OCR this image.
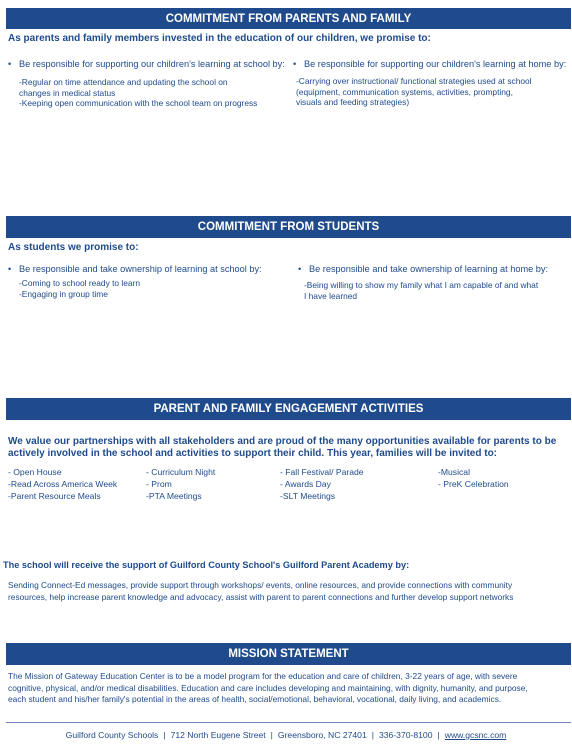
COMMITMENT FROM PARENTS AND FAMILY
As parents and family members invested in the education of our children, we promise to:
• Be responsible for supporting our children's learning at school by:
-Regular on time attendance and updating the school on
changes in medical status
-Keeping open communication with the school team on progress
• Be responsible for supporting our children's learning at home by:
-Carrying over instructional/ functional strategies used at school
(equipment, communication systems, activities, prompting,
visuals and feeding strategies)
COMMITMENT FROM STUDENTS
As students we promise to:
• Be responsible and take ownership of learning at school by:
-Coming to school ready to learn
-Engaging in group time
• Be responsible and take ownership of learning at home by:
-Being willing to show my family what I am capable of and what
I have learned
PARENT AND FAMILY ENGAGEMENT ACTIVITIES
We value our partnerships with all stakeholders and are proud of the many opportunities available for parents to be
actively involved in the school and activities to support their child. This year, families will be invited to:
- Open House
-Read Across America Week
-Parent Resource Meals
- Curriculum Night
- Prom
-PTA Meetings
- Fall Festival/ Parade
- Awards Day
-SLT Meetings
-Musical
- PreK Celebration
The school will receive the support of Guilford County School's Guilford Parent Academy by:
Sending Connect-Ed messages, provide support through workshops/ events, online resources, and provide connections with community
resources, help increase parent knowledge and advocacy, assist with parent to parent connections and further develop support networks
MISSION STATEMENT
The Mission of Gateway Education Center is to be a model program for the education and care of children, 3-22 years of age, with severe
cognitive, physical, and/or medical disabilities. Education and care includes developing and maintaining, with dignity, humanity, and purpose,
each student and his/her family's potential in the areas of health, social/emotional, behavioral, vocational, daily living, and academics.
Guilford County Schools | 712 North Eugene Street | Greensboro, NC 27401 | 336-370-8100 | www.gcsnc.com
